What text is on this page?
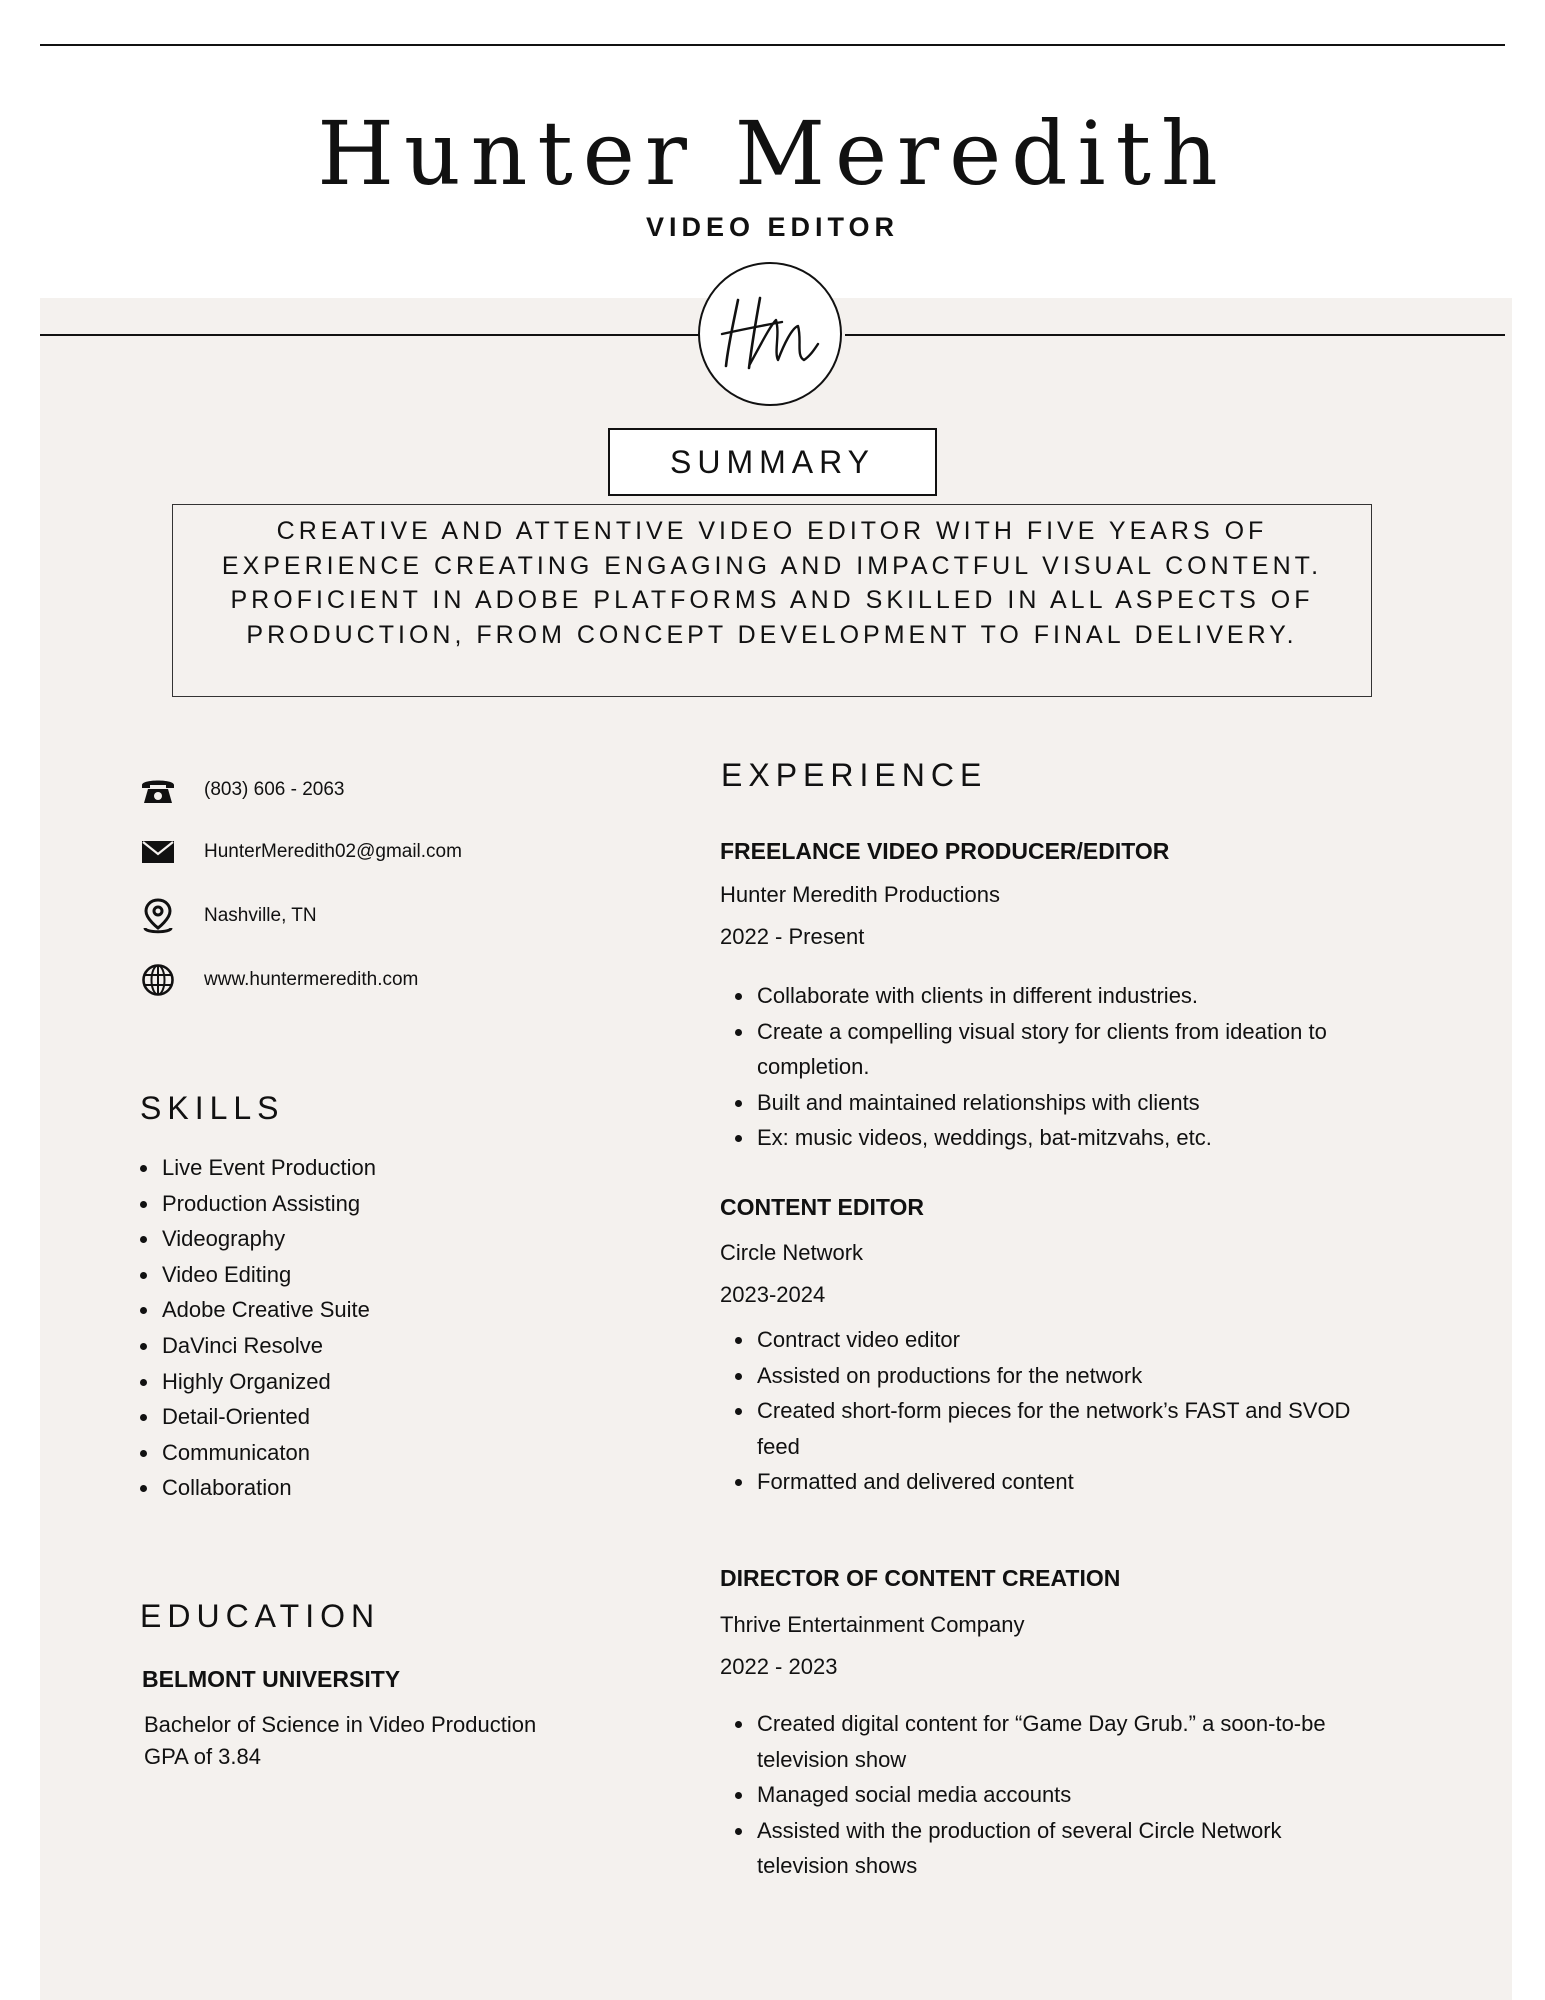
Hunter Meredith
VIDEO EDITOR
SUMMARY
CREATIVE AND ATTENTIVE VIDEO EDITOR WITH FIVE YEARS OF EXPERIENCE CREATING ENGAGING AND IMPACTFUL VISUAL CONTENT. PROFICIENT IN ADOBE PLATFORMS AND SKILLED IN ALL ASPECTS OF PRODUCTION, FROM CONCEPT DEVELOPMENT TO FINAL DELIVERY.
(803) 606 - 2063
HunterMeredith02@gmail.com
Nashville, TN
www.huntermeredith.com
SKILLS
Live Event Production
Production Assisting
Videography
Video Editing
Adobe Creative Suite
DaVinci Resolve
Highly Organized
Detail-Oriented
Communicaton
Collaboration
EDUCATION
BELMONT UNIVERSITY
Bachelor of Science in Video Production
GPA of 3.84
EXPERIENCE
FREELANCE VIDEO PRODUCER/EDITOR
Hunter Meredith Productions
2022 - Present
Collaborate with clients in different industries.
Create a compelling visual story for clients from ideation to completion.
Built and maintained relationships with clients
Ex: music videos, weddings, bat-mitzvahs, etc.
CONTENT EDITOR
Circle Network
2023-2024
Contract video editor
Assisted on productions for the network
Created short-form pieces for the network’s FAST and SVOD feed
Formatted and delivered content
DIRECTOR OF CONTENT CREATION
Thrive Entertainment Company
2022 - 2023
Created digital content for “Game Day Grub.” a soon-to-be television show
Managed social media accounts
Assisted with the production of several Circle Network television shows
